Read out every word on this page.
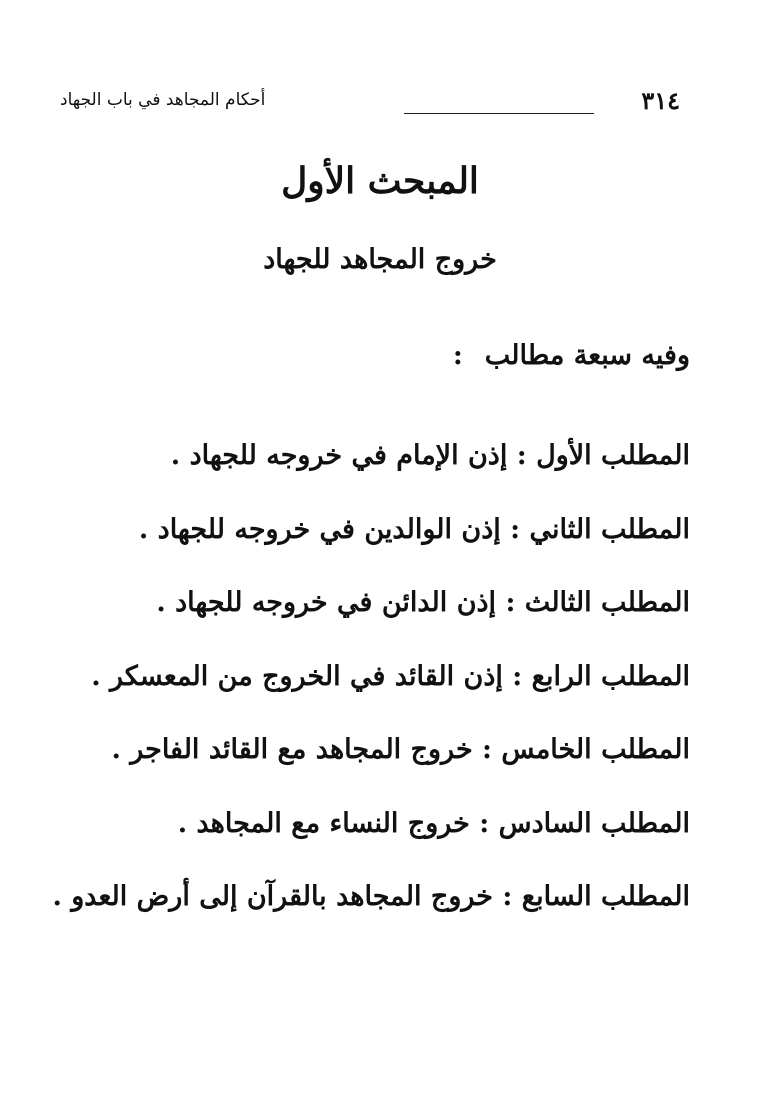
٣١٤
أحكام المجاهد في باب الجهاد
المبحث الأول
خروج المجاهد للجهاد
وفيه سبعة مطالب:
المطلب الأول : إذن الإمام في خروجه للجهاد .
المطلب الثاني : إذن الوالدين في خروجه للجهاد .
المطلب الثالث : إذن الدائن في خروجه للجهاد .
المطلب الرابع : إذن القائد في الخروج من المعسكر .
المطلب الخامس : خروج المجاهد مع القائد الفاجر .
المطلب السادس : خروج النساء مع المجاهد .
المطلب السابع : خروج المجاهد بالقرآن إلى أرض العدو .
